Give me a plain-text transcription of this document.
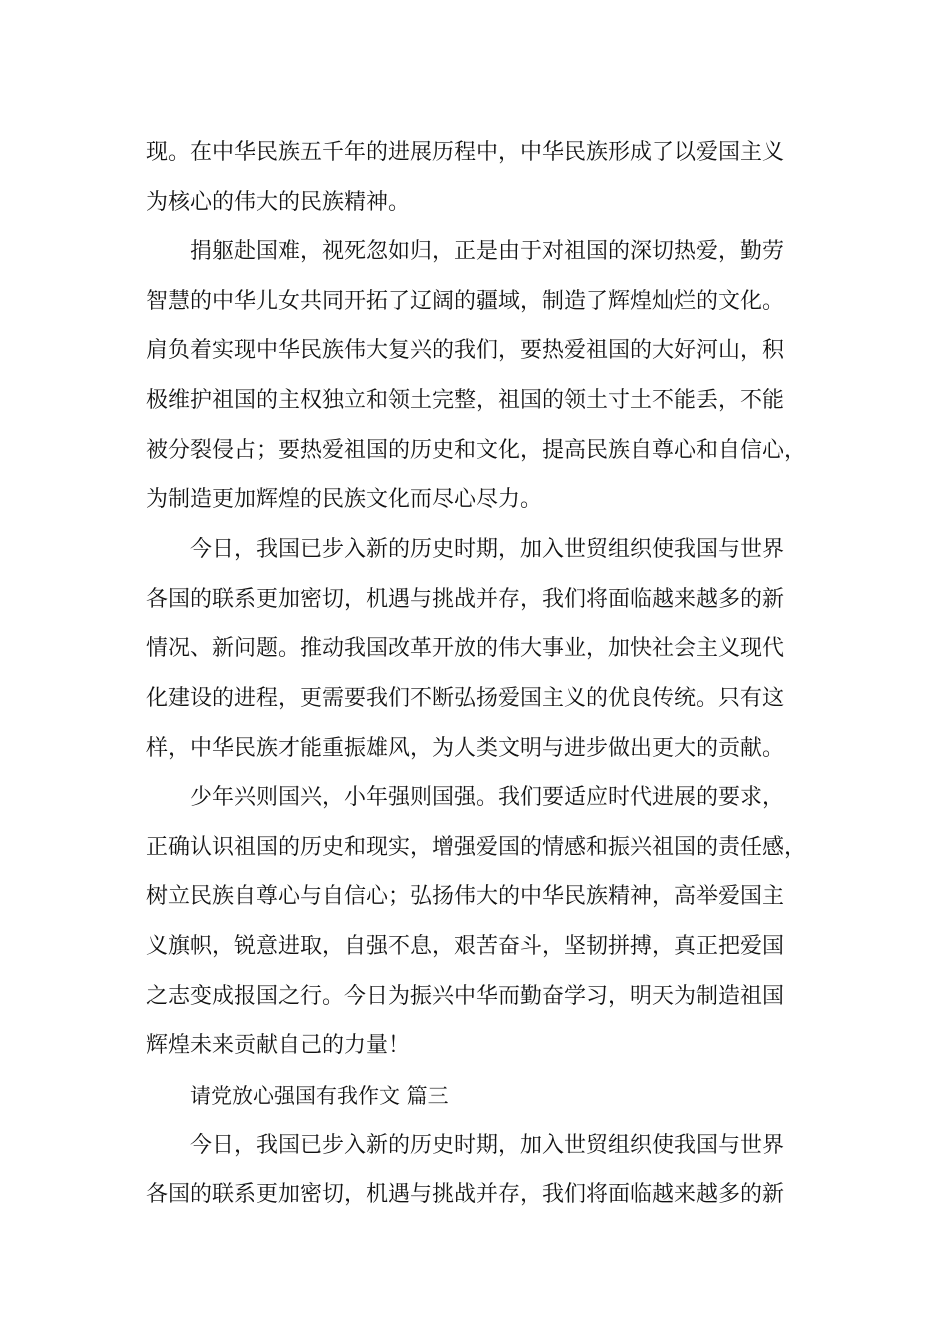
现。在中华民族五千年的进展历程中，中华民族形成了以爱国主义
为核心的伟大的民族精神。
捐躯赴国难，视死忽如归，正是由于对祖国的深切热爱，勤劳
智慧的中华儿女共同开拓了辽阔的疆域，制造了辉煌灿烂的文化。
肩负着实现中华民族伟大复兴的我们，要热爱祖国的大好河山，积
极维护祖国的主权独立和领土完整，祖国的领土寸土不能丢，不能
被分裂侵占；要热爱祖国的历史和文化，提高民族自尊心和自信心，
为制造更加辉煌的民族文化而尽心尽力。
今日，我国已步入新的历史时期，加入世贸组织使我国与世界
各国的联系更加密切，机遇与挑战并存，我们将面临越来越多的新
情况、新问题。推动我国改革开放的伟大事业，加快社会主义现代
化建设的进程，更需要我们不断弘扬爱国主义的优良传统。只有这
样，中华民族才能重振雄风，为人类文明与进步做出更大的贡献。
少年兴则国兴，小年强则国强。我们要适应时代进展的要求，
正确认识祖国的历史和现实，增强爱国的情感和振兴祖国的责任感，
树立民族自尊心与自信心；弘扬伟大的中华民族精神，高举爱国主
义旗帜，锐意进取，自强不息，艰苦奋斗，坚韧拼搏，真正把爱国
之志变成报国之行。今日为振兴中华而勤奋学习，明天为制造祖国
辉煌未来贡献自己的力量！
请党放心强国有我作文 篇三
今日，我国已步入新的历史时期，加入世贸组织使我国与世界
各国的联系更加密切，机遇与挑战并存，我们将面临越来越多的新
